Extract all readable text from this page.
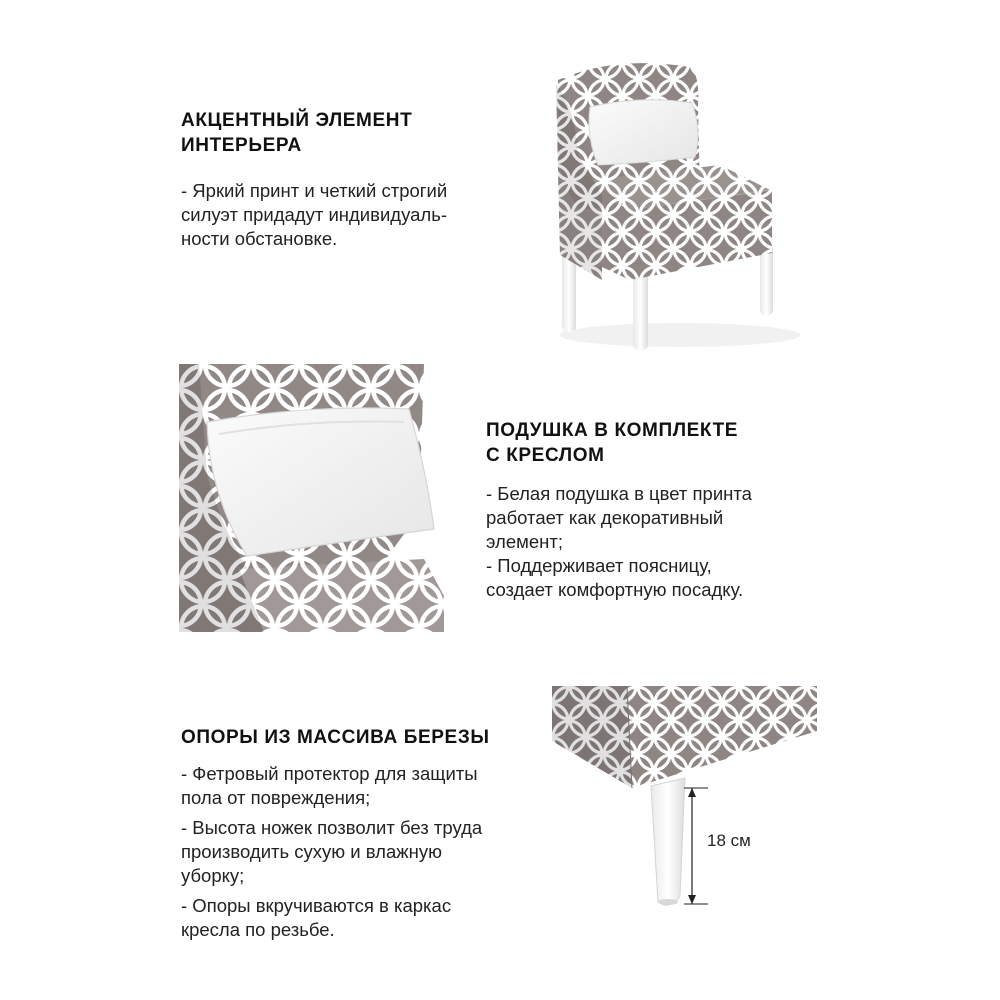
АКЦЕНТНЫЙ ЭЛЕМЕНТ
ИНТЕРЬЕРА

- Яркий принт и четкий строгий

силуэт придадут индивидуаль-

ности обстановке.

ПОДУШКА В КОМПЛЕКТЕ
С КРЕСЛОМ

- Белая подушка в цвет принта

работает как декоративный

элемент;

- Поддерживает поясницу,

создает комфортную посадку.

ОПОРЫ ИЗ МАССИВА БЕРЕЗЫ

- Фетровый протектор для защиты

пола от повреждения;

- Высота ножек позволит без труда

производить сухую и влажную

уборку;

- Опоры вкручиваются в каркас

кресла по резьбе.

18 см
